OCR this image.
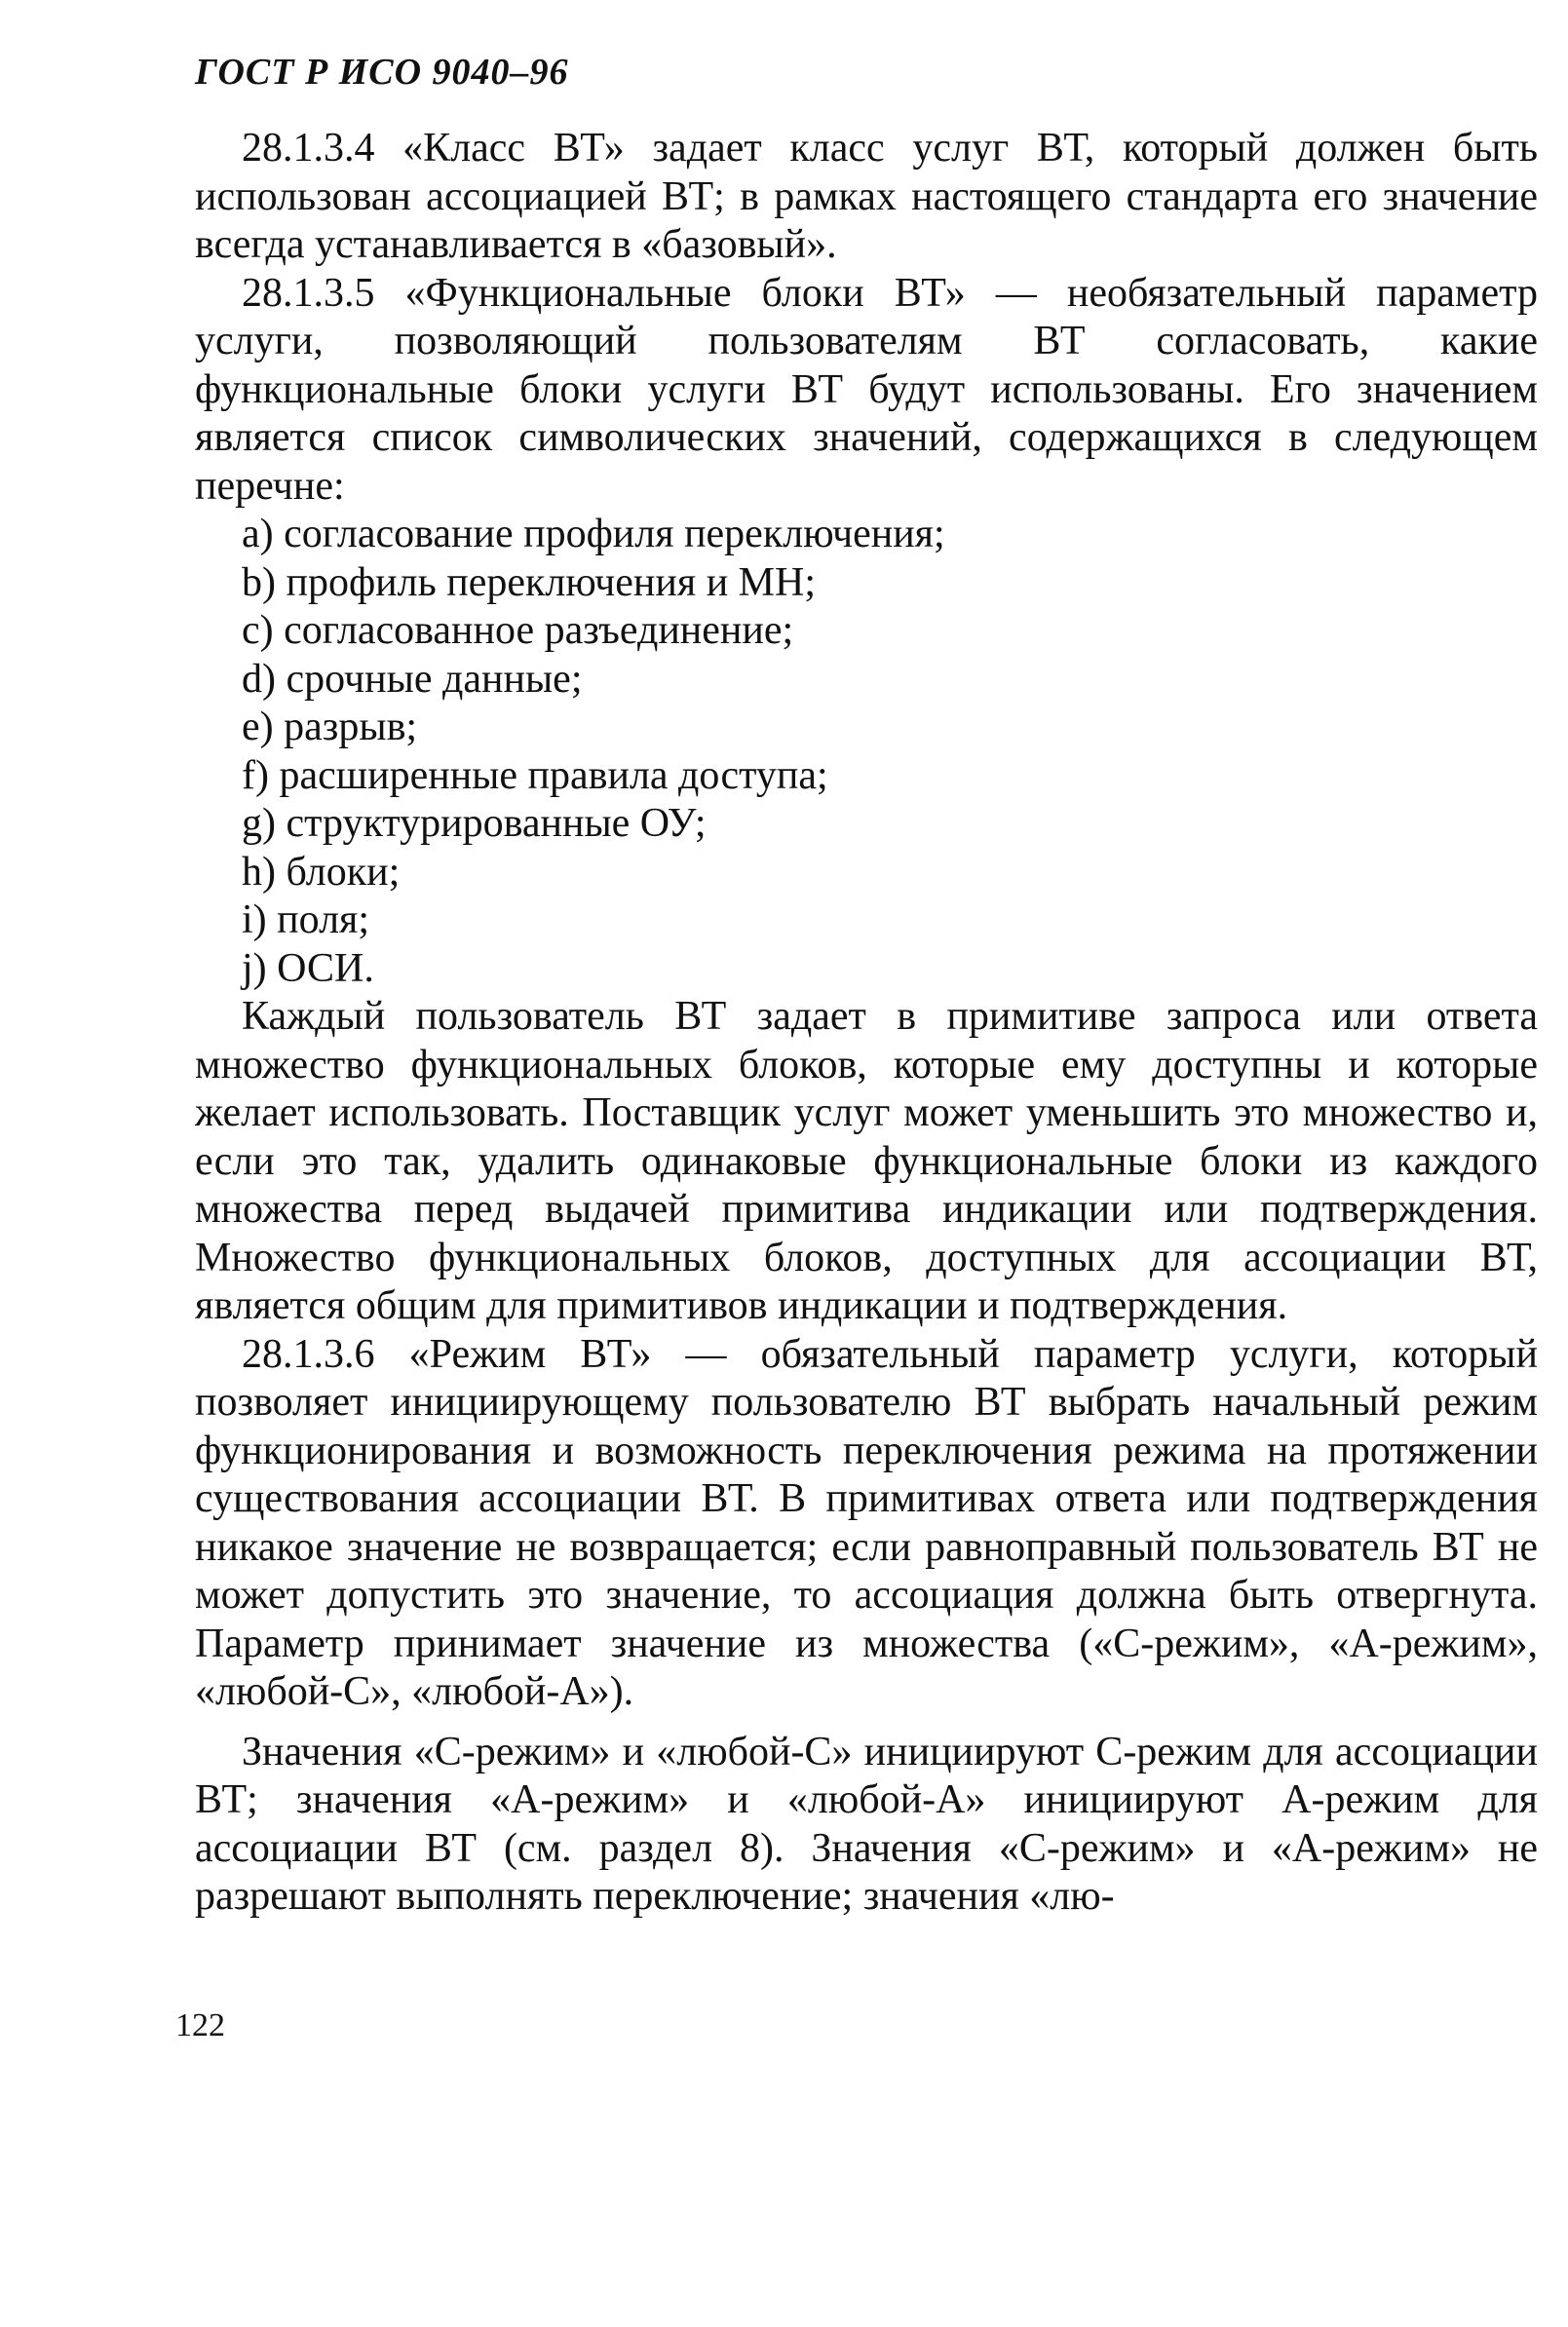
ГОСТ Р ИСО 9040–96

28.1.3.4 «Класс ВТ» задает класс услуг ВТ, который должен быть использован ассоциацией ВТ; в рамках настоящего стандарта его значение всегда устанавливается в «базовый».

28.1.3.5 «Функциональные блоки ВТ» — необязательный параметр услуги, позволяющий пользователям ВТ согласовать, какие функциональные блоки услуги ВТ будут использованы. Его значением является список символических значений, содержащихся в следующем перечне:

a) согласование профиля переключения;
b) профиль переключения и МН;
c) согласованное разъединение;
d) срочные данные;
e) разрыв;
f) расширенные правила доступа;
g) структурированные ОУ;
h) блоки;
i) поля;
j) ОСИ.

Каждый пользователь ВТ задает в примитиве запроса или ответа множество функциональных блоков, которые ему доступны и которые желает использовать. Поставщик услуг может уменьшить это множество и, если это так, удалить одинаковые функциональные блоки из каждого множества перед выдачей примитива индикации или подтверждения. Множество функциональных блоков, доступных для ассоциации ВТ, является общим для примитивов индикации и подтверждения.

28.1.3.6 «Режим ВТ» — обязательный параметр услуги, который позволяет инициирующему пользователю ВТ выбрать начальный режим функционирования и возможность переключения режима на протяжении существования ассоциации ВТ. В примитивах ответа или подтверждения никакое значение не возвращается; если равноправный пользователь ВТ не может допустить это значение, то ассоциация должна быть отвергнута. Параметр принимает значение из множества («С-режим», «А-режим», «любой-С», «любой-А»).

Значения «С-режим» и «любой-С» инициируют С-режим для ассоциации ВТ; значения «А-режим» и «любой-А» инициируют А-режим для ассоциации ВТ (см. раздел 8). Значения «С-режим» и «А-режим» не разрешают выполнять переключение; значения «лю-

122
